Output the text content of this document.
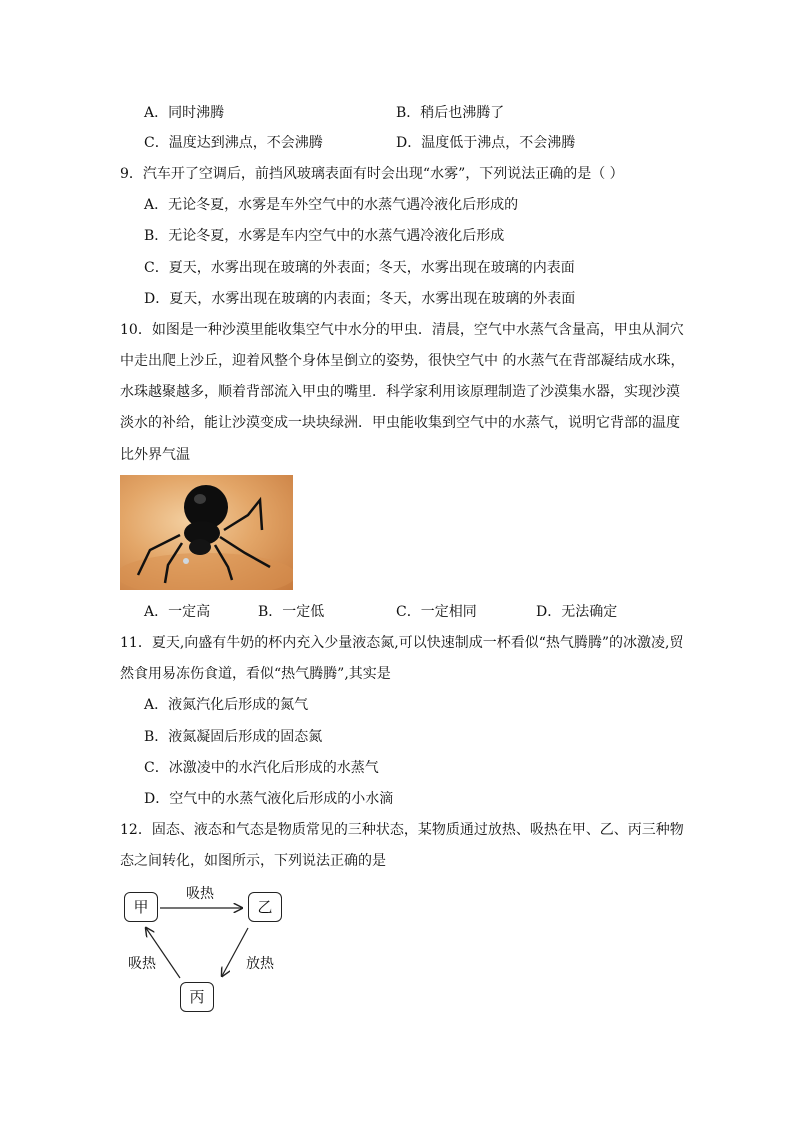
A．同时沸腾	B．稍后也沸腾了
C．温度达到沸点，不会沸腾	D．温度低于沸点，不会沸腾
9．汽车开了空调后，前挡风玻璃表面有时会出现“水雾”，下列说法正确的是（ ）
A．无论冬夏，水雾是车外空气中的水蒸气遇冷液化后形成的
B．无论冬夏，水雾是车内空气中的水蒸气遇冷液化后形成
C．夏天，水雾出现在玻璃的外表面；冬天，水雾出现在玻璃的内表面
D．夏天，水雾出现在玻璃的内表面；冬天，水雾出现在玻璃的外表面
10．如图是一种沙漠里能收集空气中水分的甲虫．清晨，空气中水蒸气含量高，甲虫从洞穴
中走出爬上沙丘，迎着风整个身体呈倒立的姿势，很快空气中 的水蒸气在背部凝结成水珠，
水珠越聚越多，顺着背部流入甲虫的嘴里．科学家利用该原理制造了沙漠集水器，实现沙漠
淡水的补给，能让沙漠变成一块块绿洲．甲虫能收集到空气中的水蒸气，说明它背部的温度
比外界气温
A．一定高	B．一定低	C．一定相同	D．无法确定
11．夏天,向盛有牛奶的杯内充入少量液态氮,可以快速制成一杯看似“热气腾腾”的冰激凌,贸
然食用易冻伤食道，看似“热气腾腾”,其实是
A．液氮汽化后形成的氮气
B．液氮凝固后形成的固态氮
C．冰激凌中的水汽化后形成的水蒸气
D．空气中的水蒸气液化后形成的小水滴
12．固态、液态和气态是物质常见的三种状态，某物质通过放热、吸热在甲、乙、丙三种物
态之间转化，如图所示，下列说法正确的是
甲	乙
丙
吸热
吸热	放热
